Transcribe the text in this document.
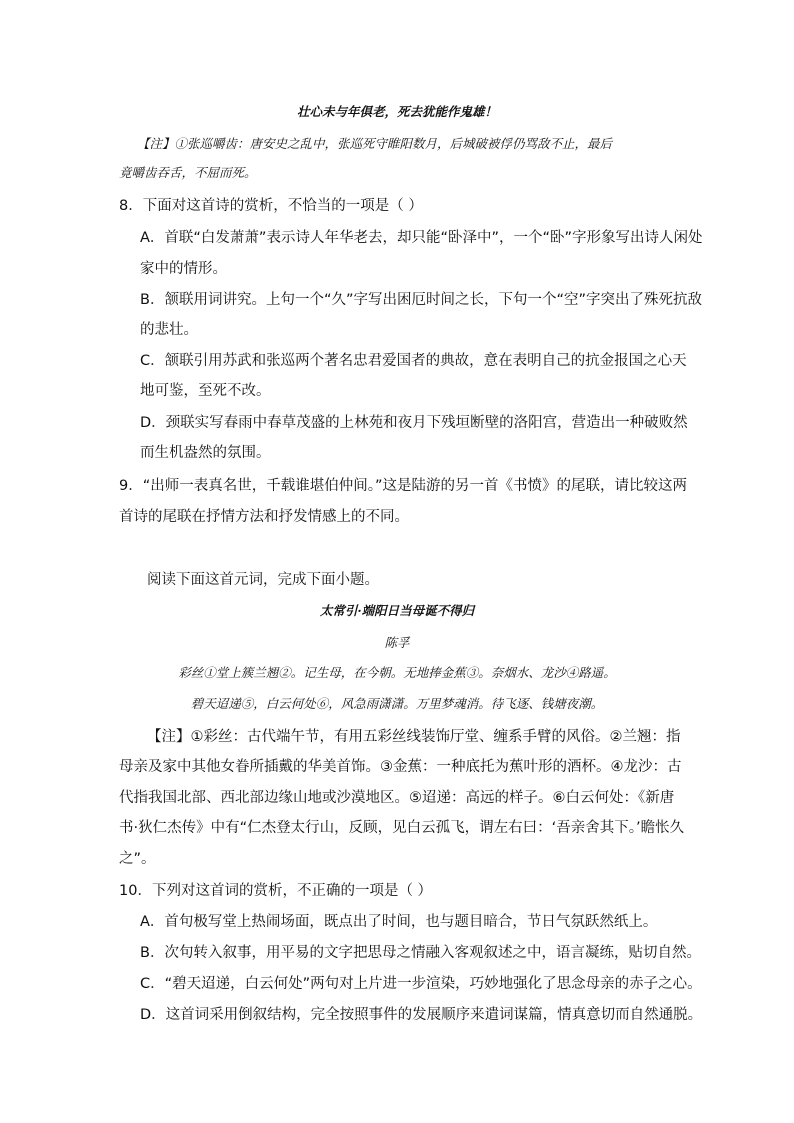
壮心未与年俱老，死去犹能作鬼雄！
【注】①张巡嚼齿：唐安史之乱中，张巡死守睢阳数月，后城破被俘仍骂敌不止，最后
竟嚼齿吞舌，不屈而死。
8．下面对这首诗的赏析，不恰当的一项是（ ）
A．首联“白发萧萧”表示诗人年华老去，却只能“卧泽中”，一个“卧”字形象写出诗人闲处
家中的情形。
B．颔联用词讲究。上句一个“久”字写出困厄时间之长，下句一个“空”字突出了殊死抗敌
的悲壮。
C．颔联引用苏武和张巡两个著名忠君爱国者的典故，意在表明自己的抗金报国之心天
地可鉴，至死不改。
D．颈联实写春雨中春草茂盛的上林苑和夜月下残垣断壁的洛阳宫，营造出一种破败然
而生机盎然的氛围。
9．“出师一表真名世，千载谁堪伯仲间。”这是陆游的另一首《书愤》的尾联，请比较这两
首诗的尾联在抒情方法和抒发情感上的不同。
阅读下面这首元词，完成下面小题。
太常引·端阳日当母诞不得归
陈孚
彩丝①堂上簇兰翘②。记生母，在今朝。无地捧金蕉③。奈烟水、龙沙④路遥。
碧天迢递⑤，白云何处⑥，风急雨潇潇。万里梦魂消。待飞逐、钱塘夜潮。
【注】①彩丝：古代端午节，有用五彩丝线装饰厅堂、缠系手臂的风俗。②兰翘：指
母亲及家中其他女眷所插戴的华美首饰。③金蕉：一种底托为蕉叶形的酒杯。④龙沙：古
代指我国北部、西北部边缘山地或沙漠地区。⑤迢递：高远的样子。⑥白云何处：《新唐
书·狄仁杰传》中有“仁杰登太行山，反顾，见白云孤飞，谓左右曰：‘吾亲舍其下。’瞻怅久
之”。
10．下列对这首词的赏析，不正确的一项是（ ）
A．首句极写堂上热闹场面，既点出了时间，也与题目暗合，节日气氛跃然纸上。
B．次句转入叙事，用平易的文字把思母之情融入客观叙述之中，语言凝练，贴切自然。
C．“碧天迢递，白云何处”两句对上片进一步渲染，巧妙地强化了思念母亲的赤子之心。
D．这首词采用倒叙结构，完全按照事件的发展顺序来遣词谋篇，情真意切而自然通脱。
